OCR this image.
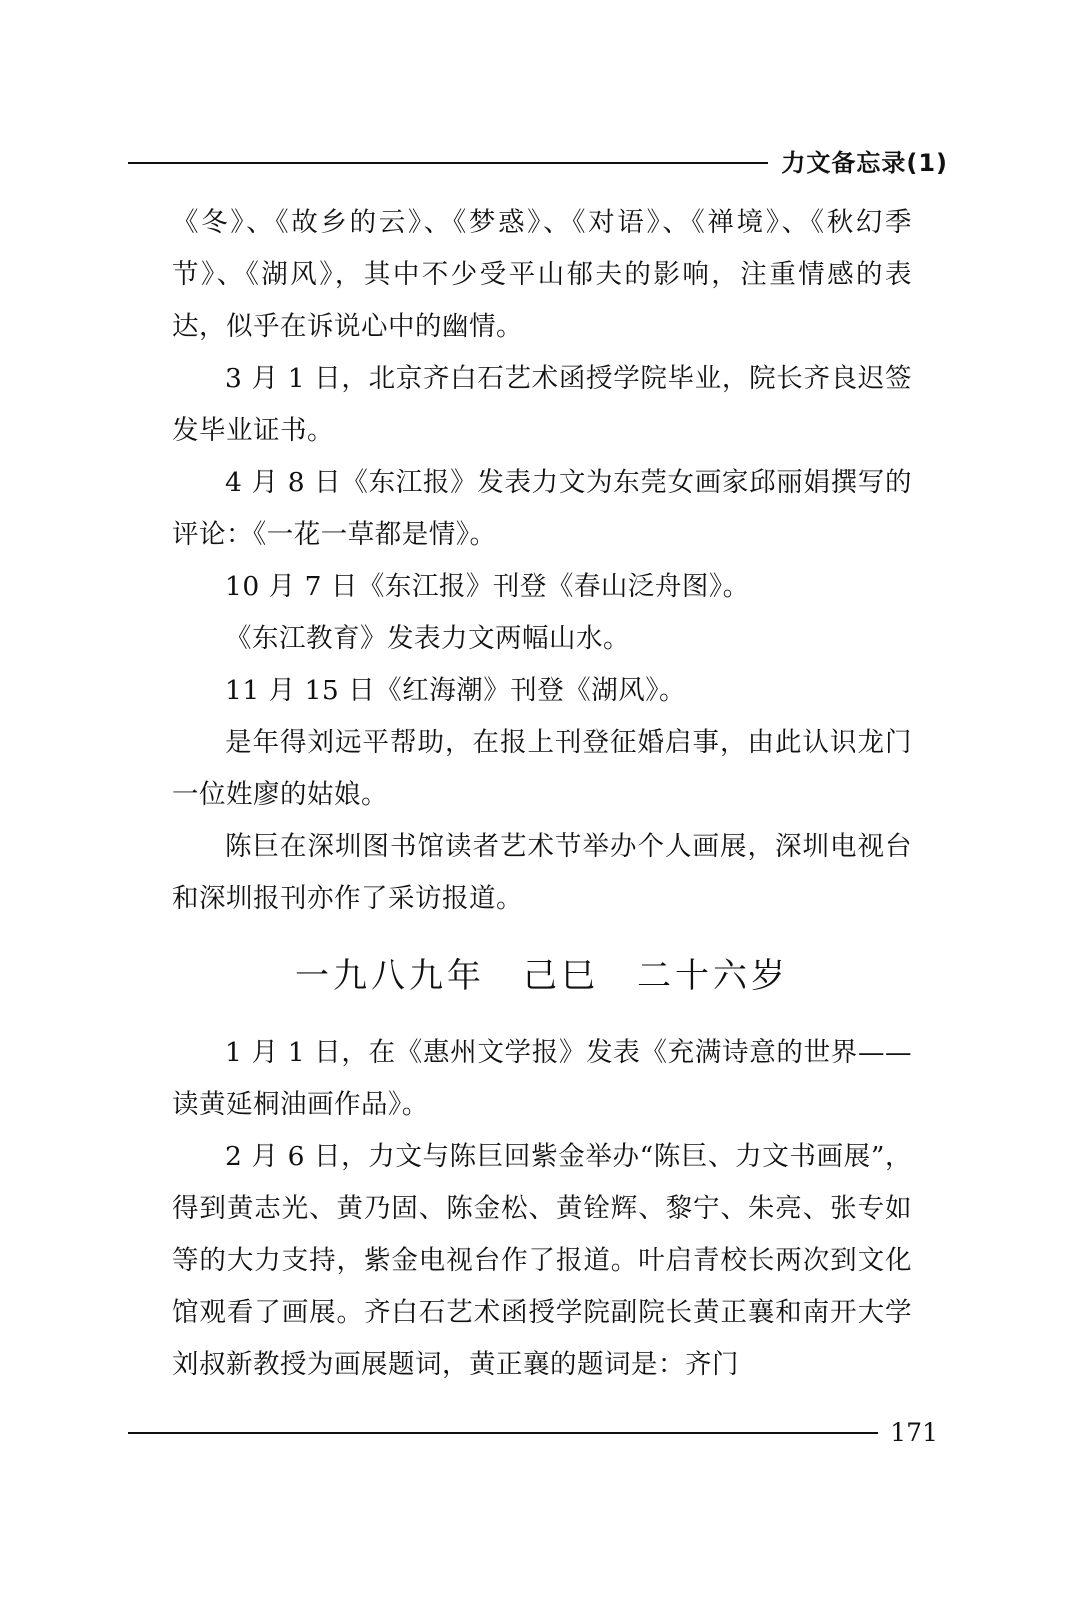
力文备忘录(1)

《冬》、《故乡的云》、《梦惑》、《对语》、《禅境》、《秋幻季节》、《湖风》，其中不少受平山郁夫的影响，注重情感的表达，似乎在诉说心中的幽情。

3 月 1 日，北京齐白石艺术函授学院毕业，院长齐良迟签发毕业证书。

4 月 8 日《东江报》发表力文为东莞女画家邱丽娟撰写的评论：《一花一草都是情》。

10 月 7 日《东江报》刊登《春山泛舟图》。

《东江教育》发表力文两幅山水。

11 月 15 日《红海潮》刊登《湖风》。

是年得刘远平帮助，在报上刊登征婚启事，由此认识龙门一位姓廖的姑娘。

陈巨在深圳图书馆读者艺术节举办个人画展，深圳电视台和深圳报刊亦作了采访报道。

一九八九年　己巳　二十六岁

1 月 1 日，在《惠州文学报》发表《充满诗意的世界——读黄延桐油画作品》。

2 月 6 日，力文与陈巨回紫金举办“陈巨、力文书画展”，得到黄志光、黄乃固、陈金松、黄铨辉、黎宁、朱亮、张专如等的大力支持，紫金电视台作了报道。叶启青校长两次到文化馆观看了画展。齐白石艺术函授学院副院长黄正襄和南开大学刘叔新教授为画展题词，黄正襄的题词是：齐门

171
